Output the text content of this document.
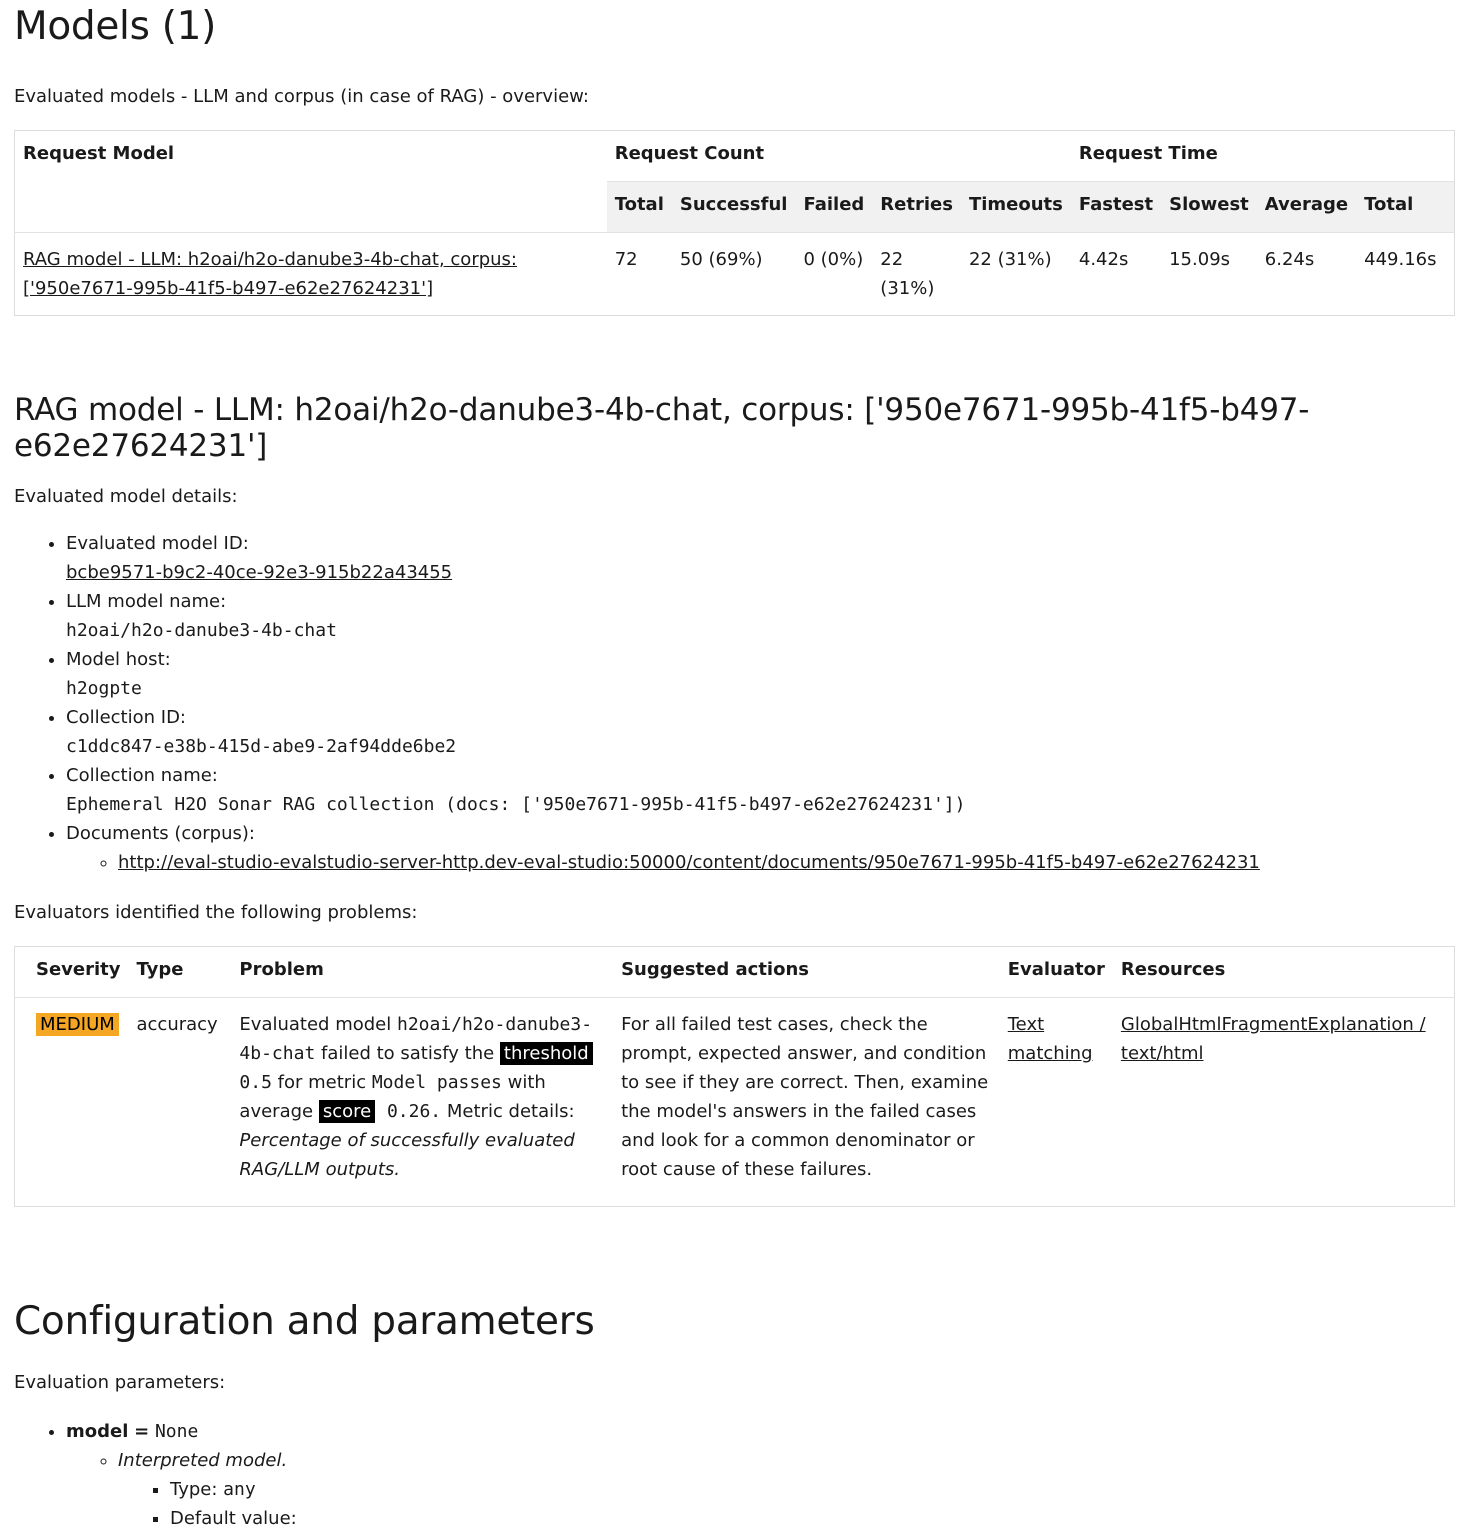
Models (1)

Evaluated models - LLM and corpus (in case of RAG) - overview:

Request Model	Request Count					Request Time			
	Total	Successful	Failed	Retries	Timeouts	Fastest	Slowest	Average	Total
RAG model - LLM: h2oai/h2o-danube3-4b-chat, corpus: ['950e7671-995b-41f5-b497-e62e27624231']	72	50 (69%)	0 (0%)	22 (31%)	22 (31%)	4.42s	15.09s	6.24s	449.16s
RAG model - LLM: h2oai/h2o-danube3-4b-chat, corpus: ['950e7671-995b-41f5-b497-e62e27624231']

Evaluated model details:

• Evaluated model ID:
bcbe9571-b9c2-40ce-92e3-915b22a43455
• LLM model name:
h2oai/h2o-danube3-4b-chat
• Model host:
h2ogpte
• Collection ID:
c1ddc847-e38b-415d-abe9-2af94dde6be2
• Collection name:
Ephemeral H2O Sonar RAG collection (docs: ['950e7671-995b-41f5-b497-e62e27624231'])
• Documents (corpus):
◦ http://eval-studio-evalstudio-server-http.dev-eval-studio:50000/content/documents/950e7671-995b-41f5-b497-e62e27624231

Evaluators identified the following problems:

Severity	Type	Problem	Suggested actions	Evaluator	Resources
MEDIUM	accuracy	Evaluated model h2oai/h2o-danube3-4b-chat failed to satisfy the threshold 0.5 for metric Model passes with average score 0.26. Metric details: Percentage of successfully evaluated RAG/LLM outputs.	For all failed test cases, check the prompt, expected answer, and condition to see if they are correct. Then, examine the model's answers in the failed cases and look for a common denominator or root cause of these failures.	Text matching	GlobalHtmlFragmentExplanation / text/html
Configuration and parameters

Evaluation parameters:

• model = None
◦ Interpreted model.
▪ Type: any
▪ Default value:
